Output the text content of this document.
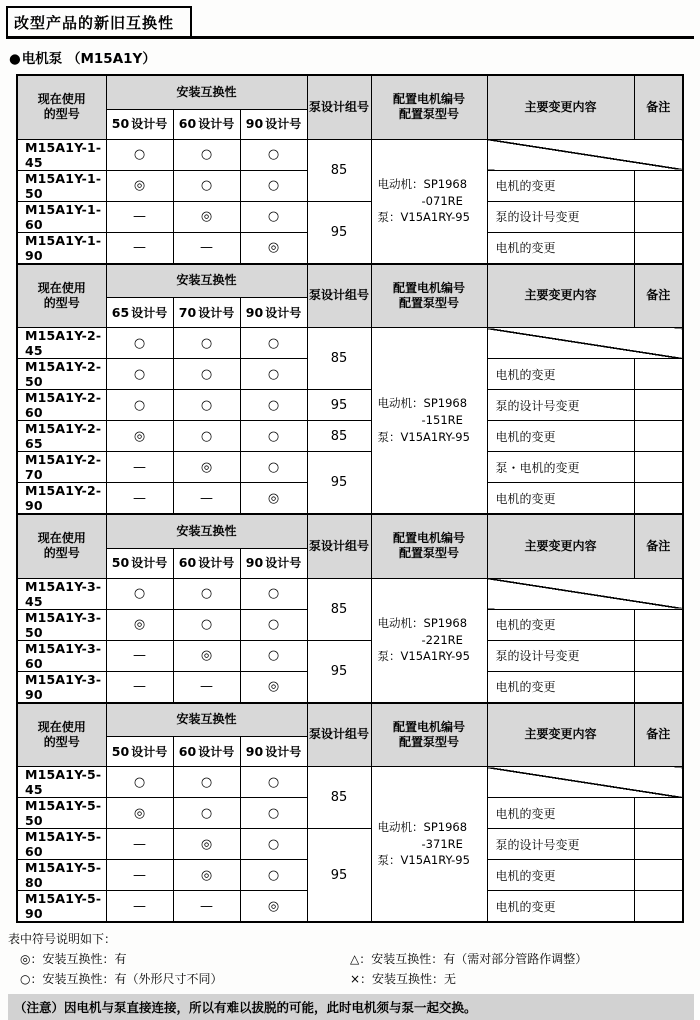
改型产品的新旧互换性
●电机泵 （M15A1Y）
现在使用
的型号
	安装互换性	泵设计组号	
配置电机编号
配置泵型号
	主要变更内容	备注
	50 设计号	60 设计号	90 设计号				
M15A1Y-1-45	○	○	○	85	电动机：SP1968
-071RE
泵：V15A1RY-95		

M15A1Y-1-50	◎	○	○			电机的变更	
M15A1Y-1-60	—	◎	○	95		泵的设计号变更	
M15A1Y-1-90	—	—	◎			电机的变更	
现在使用
的型号
	安装互换性	泵设计组号	
配置电机编号
配置泵型号
	主要变更内容	备注
	65 设计号	70 设计号	90 设计号				
M15A1Y-2-45	○	○	○	85	电动机：SP1968
-151RE
泵：V15A1RY-95		

M15A1Y-2-50	○	○	○			电机的变更	
M15A1Y-2-60	○	○	○	95		泵的设计号变更	
M15A1Y-2-65	◎	○	○	85		电机的变更	
M15A1Y-2-70	—	◎	○	95		泵・电机的变更	
M15A1Y-2-90	—	—	◎			电机的变更	
现在使用
的型号
	安装互换性	泵设计组号	
配置电机编号
配置泵型号
	主要变更内容	备注
	50 设计号	60 设计号	90 设计号				
M15A1Y-3-45	○	○	○	85	电动机：SP1968
-221RE
泵：V15A1RY-95		

M15A1Y-3-50	◎	○	○			电机的变更	
M15A1Y-3-60	—	◎	○	95		泵的设计号变更	
M15A1Y-3-90	—	—	◎			电机的变更	
现在使用
的型号
	安装互换性	泵设计组号	
配置电机编号
配置泵型号
	主要变更内容	备注
	50 设计号	60 设计号	90 设计号				
M15A1Y-5-45	○	○	○	85	电动机：SP1968
-371RE
泵：V15A1RY-95		

M15A1Y-5-50	◎	○	○			电机的变更	
M15A1Y-5-60	—	◎	○	95		泵的设计号变更	
M15A1Y-5-80	—	◎	○			电机的变更	
M15A1Y-5-90	—	—	◎			电机的变更	
表中符号说明如下：
◎：安装互换性：有	△：安装互换性：有（需对部分管路作调整）
○：安装互换性：有（外形尺寸不同）	×：安装互换性：无
（注意）因电机与泵直接连接，所以有难以拔脱的可能，此时电机须与泵一起交换。
